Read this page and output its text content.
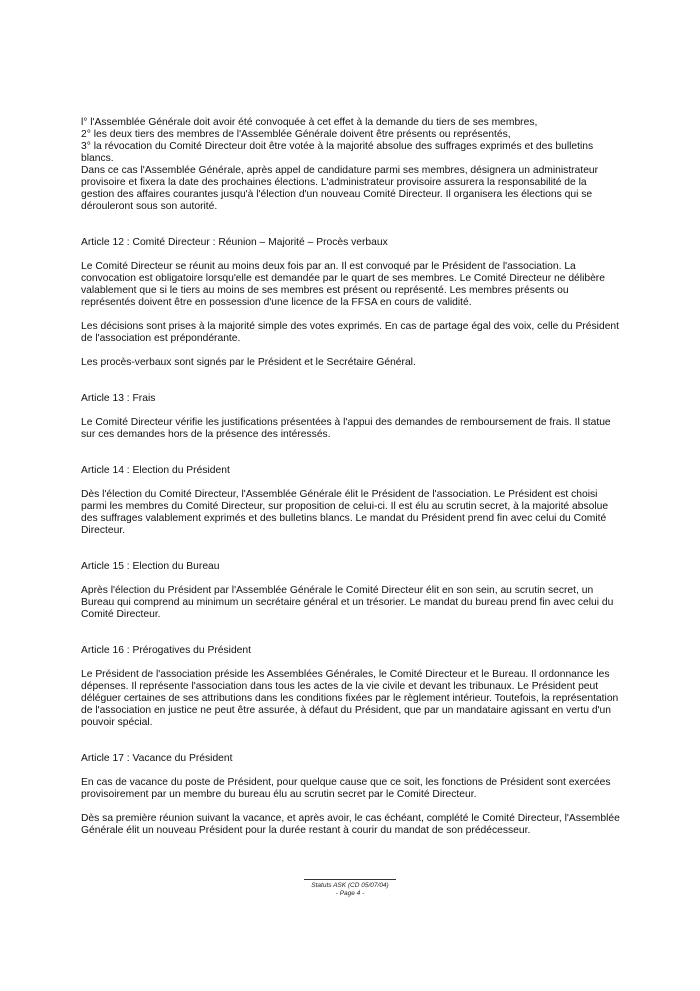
l° l'Assemblée Générale doit avoir été convoquée à cet effet à la demande du tiers de ses membres,

2° les deux tiers des membres de l'Assemblée Générale doivent être présents ou représentés,

3° la révocation du Comité Directeur doit être votée à la majorité absolue des suffrages exprimés et des bulletins blancs.

Dans ce cas l'Assemblée Générale, après appel de candidature parmi ses membres, désignera un administrateur provisoire et fixera la date des prochaines élections. L'administrateur provisoire assurera la responsabilité de la gestion des affaires courantes jusqu'à l'élection d'un nouveau Comité Directeur. Il organisera les élections qui se dérouleront sous son autorité.

Article 12 : Comité Directeur : Réunion – Majorité – Procès verbaux

Le Comité Directeur se réunit au moins deux fois par an. Il est convoqué par le Président de l'association. La convocation est obligatoire lorsqu'elle est demandée par le quart de ses membres. Le Comité Directeur ne délibère valablement que si le tiers au moins de ses membres est présent ou représenté. Les membres présents ou représentés doivent être en possession d'une licence de la FFSA en cours de validité.

Les décisions sont prises à la majorité simple des votes exprimés. En cas de partage égal des voix, celle du Président de l'association est prépondérante.

Les procès-verbaux sont signés par le Président et le Secrétaire Général.

Article 13 : Frais

Le Comité Directeur vérifie les justifications présentées à l'appui des demandes de remboursement de frais. Il statue sur ces demandes hors de la présence des intéressés.

Article 14 : Election du Président

Dès l'élection du Comité Directeur, l'Assemblée Générale élit le Président de l'association. Le Président est choisi parmi les membres du Comité Directeur, sur proposition de celui-ci. Il est élu au scrutin secret, à la majorité absolue des suffrages valablement exprimés et des bulletins blancs. Le mandat du Président prend fin avec celui du Comité Directeur.

Article 15 : Election du Bureau

Après l'élection du Président par l'Assemblée Générale le Comité Directeur élit en son sein, au scrutin secret, un Bureau qui comprend au minimum un secrétaire général et un trésorier. Le mandat du bureau prend fin avec celui du Comité Directeur.

Article 16 : Prérogatives du Président

Le Président de l'association préside les Assemblées Générales, le Comité Directeur et le Bureau. Il ordonnance les dépenses. Il représente l'association dans tous les actes de la vie civile et devant les tribunaux. Le Président peut déléguer certaines de ses attributions dans les conditions fixées par le règlement intérieur. Toutefois, la représentation de l'association en justice ne peut être assurée, à défaut du Président, que par un mandataire agissant en vertu d'un pouvoir spécial.

Article 17 : Vacance du Président

En cas de vacance du poste de Président, pour quelque cause que ce soit, les fonctions de Président sont exercées provisoirement par un membre du bureau élu au scrutin secret par le Comité Directeur.

Dès sa première réunion suivant la vacance, et après avoir, le cas échéant, complété le Comité Directeur, l'Assemblée Générale élit un nouveau Président pour la durée restant à courir du mandat de son prédécesseur.

Statuts ASK (CD 05/07/04)
- Page 4 -
